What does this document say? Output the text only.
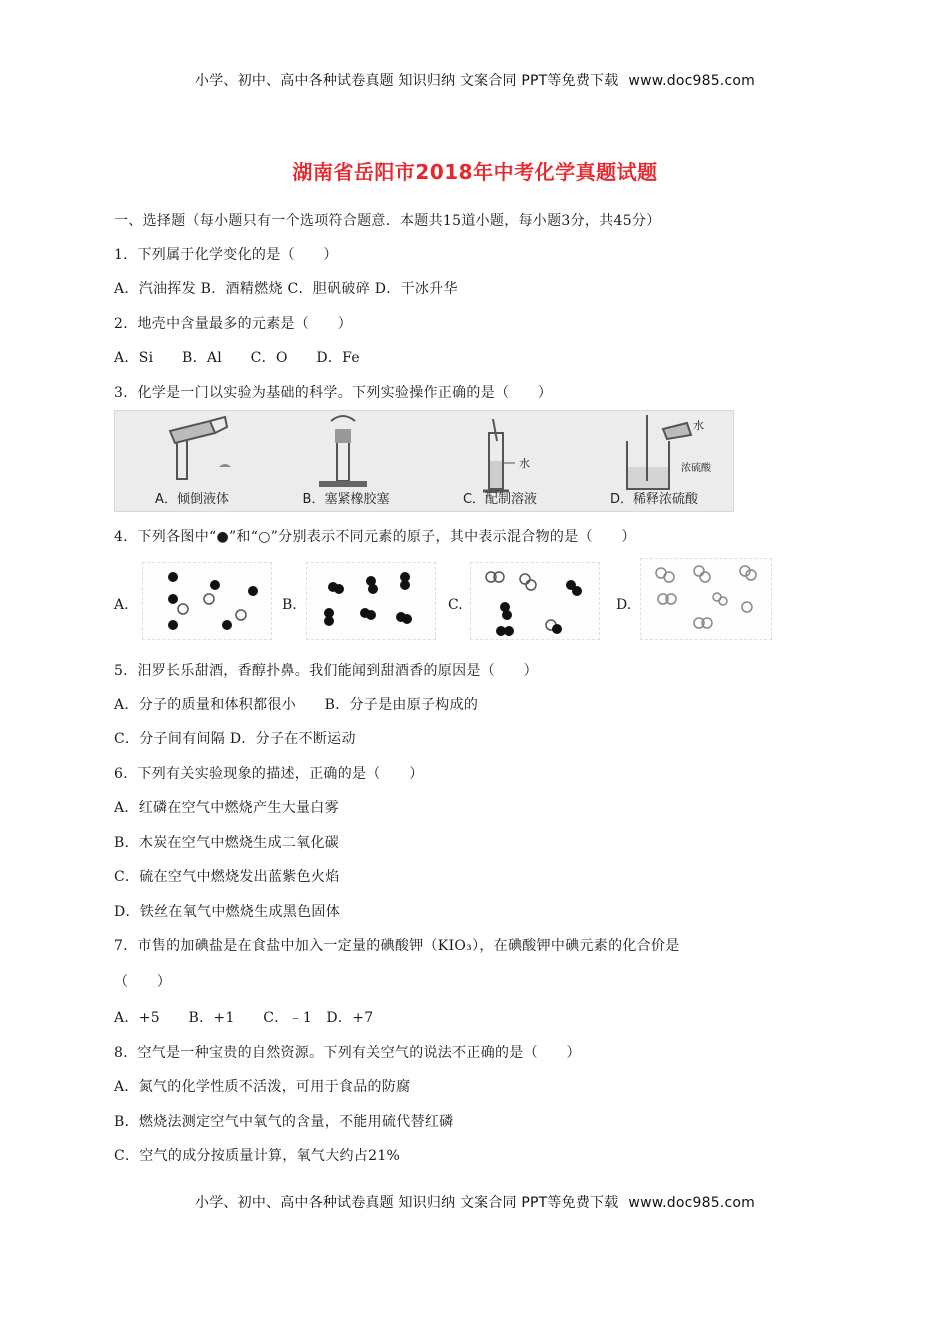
小学、初中、高中各种试卷真题 知识归纳 文案合同 PPT等免费下载 www.doc985.com
湖南省岳阳市2018年中考化学真题试题
一、选择题（每小题只有一个选项符合题意．本题共15道小题，每小题3分，共45分）
1．下列属于化学变化的是（　　）
A．汽油挥发 B．酒精燃烧 C．胆矾破碎 D．干冰升华
2．地壳中含量最多的元素是（　　）
A．Si　　B．Al　　C．O　　D．Fe
3．化学是一门以实验为基础的科学。下列实验操作正确的是（　　）
A．倾倒液体	B．塞紧橡胶塞	C．配制溶液
水
D．稀释浓硫酸
水
浓硫酸
4．下列各图中“●”和“○”分别表示不同元素的原子，其中表示混合物的是（　　）
A.	B.	C.	D.
5．汨罗长乐甜酒，香醇扑鼻。我们能闻到甜酒香的原因是（　　）
A．分子的质量和体积都很小　　B．分子是由原子构成的
C．分子间有间隔 D．分子在不断运动
6．下列有关实验现象的描述，正确的是（　　）
A．红磷在空气中燃烧产生大量白雾
B．木炭在空气中燃烧生成二氧化碳
C．硫在空气中燃烧发出蓝紫色火焰
D．铁丝在氧气中燃烧生成黑色固体
7．市售的加碘盐是在食盐中加入一定量的碘酸钾（KIO₃），在碘酸钾中碘元素的化合价是
（　　）
A．+5　　B．+1　　C．﹣1　D．+7
8．空气是一种宝贵的自然资源。下列有关空气的说法不正确的是（　　）
A．氮气的化学性质不活泼，可用于食品的防腐
B．燃烧法测定空气中氧气的含量，不能用硫代替红磷
C．空气的成分按质量计算，氧气大约占21%
小学、初中、高中各种试卷真题 知识归纳 文案合同 PPT等免费下载 www.doc985.com
